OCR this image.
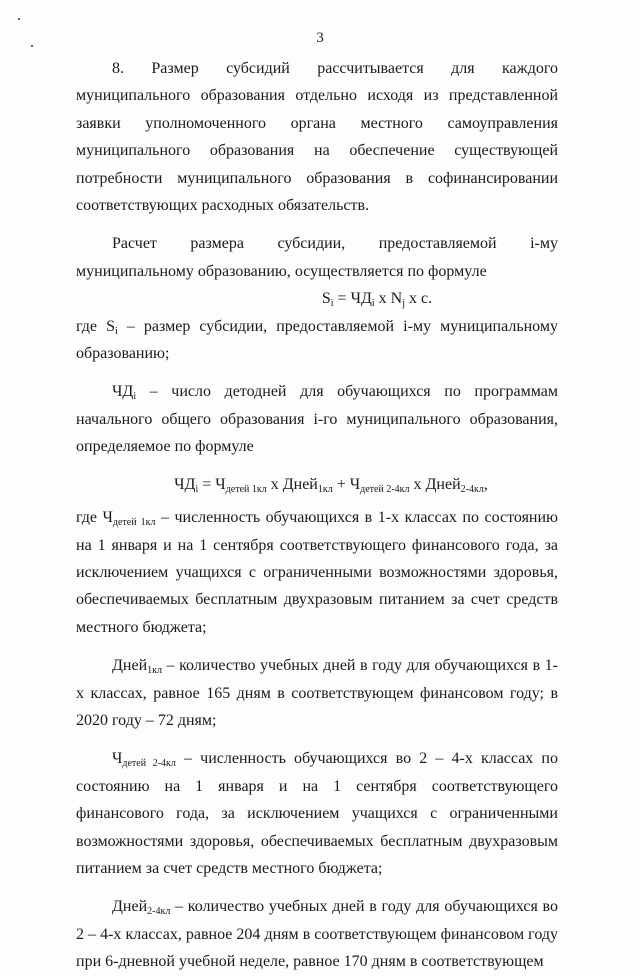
3

8. Размер субсидий рассчитывается для каждого муниципального образования отдельно исходя из представленной заявки уполномоченного органа местного самоуправления муниципального образования на обеспечение существующей потребности муниципального образования в софинансировании соответствующих расходных обязательств.

Расчет размера субсидии, предоставляемой i-му муниципальному образованию, осуществляется по формуле

$S_i = ЧД_i$ x $N_j$ x c.

где $S_i$ – размер субсидии, предоставляемой i-му муниципальному образованию;

$ЧД_i$ – число детодней для обучающихся по программам начального общего образования i-го муниципального образования, определяемое по формуле

$ЧД_i = Ч_{детей 1кл}$ x Дней$_{1кл}$ + $Ч_{детей 2-4кл}$ x Дней$_{2-4кл}$,

где $Ч_{детей 1кл}$ – численность обучающихся в 1-х классах по состоянию на 1 января и на 1 сентября соответствующего финансового года, за исключением учащихся с ограниченными возможностями здоровья, обеспечиваемых бесплатным двухразовым питанием за счет средств местного бюджета;

Дней$_{1кл}$ – количество учебных дней в году для обучающихся в 1-х классах, равное 165 дням в соответствующем финансовом году; в 2020 году – 72 дням;

$Ч_{детей 2-4кл}$ – численность обучающихся во 2 – 4-х классах по состоянию на 1 января и на 1 сентября соответствующего финансового года, за исключением учащихся с ограниченными возможностями здоровья, обеспечиваемых бесплатным двухразовым питанием за счет средств местного бюджета;

Дней$_{2-4кл}$ – количество учебных дней в году для обучающихся во 2 – 4-х классах, равное 204 дням в соответствующем финансовом году при 6-дневной учебной неделе, равное 170 дням в соответствующем
